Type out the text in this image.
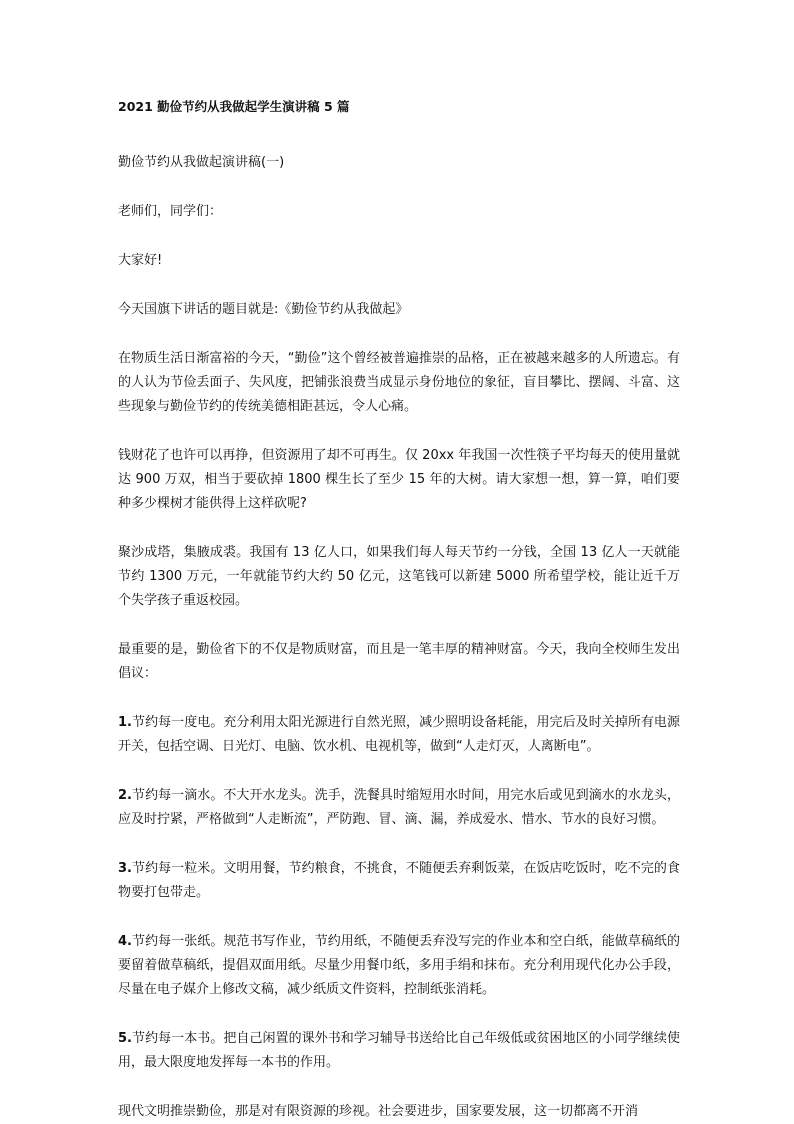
2021 勤俭节约从我做起学生演讲稿 5 篇

勤俭节约从我做起演讲稿(一)

老师们，同学们：

大家好!

今天国旗下讲话的题目就是:《勤俭节约从我做起》

在物质生活日渐富裕的今天，“勤俭”这个曾经被普遍推崇的品格，正在被越来越多的人所遗忘。有的人认为节俭丢面子、失风度，把铺张浪费当成显示身份地位的象征，盲目攀比、摆阔、斗富、这些现象与勤俭节约的传统美德相距甚远，令人心痛。

钱财花了也许可以再挣，但资源用了却不可再生。仅 20xx 年我国一次性筷子平均每天的使用量就达 900 万双，相当于要砍掉 1800 棵生长了至少 15 年的大树。请大家想一想，算一算，咱们要种多少棵树才能供得上这样砍呢?

聚沙成塔，集腋成裘。我国有 13 亿人口，如果我们每人每天节约一分钱，全国 13 亿人一天就能节约 1300 万元，一年就能节约大约 50 亿元，这笔钱可以新建 5000 所希望学校，能让近千万个失学孩子重返校园。

最重要的是，勤俭省下的不仅是物质财富，而且是一笔丰厚的精神财富。今天，我向全校师生发出倡议：

1.节约每一度电。充分利用太阳光源进行自然光照，减少照明设备耗能，用完后及时关掉所有电源开关，包括空调、日光灯、电脑、饮水机、电视机等，做到“人走灯灭，人离断电”。

2.节约每一滴水。不大开水龙头。洗手，洗餐具时缩短用水时间，用完水后或见到滴水的水龙头，应及时拧紧，严格做到“人走断流”，严防跑、冒、滴、漏，养成爱水、惜水、节水的良好习惯。

3.节约每一粒米。文明用餐，节约粮食，不挑食，不随便丢弃剩饭菜，在饭店吃饭时，吃不完的食物要打包带走。

4.节约每一张纸。规范书写作业，节约用纸，不随便丢弃没写完的作业本和空白纸，能做草稿纸的要留着做草稿纸，提倡双面用纸。尽量少用餐巾纸，多用手绢和抹布。充分利用现代化办公手段，尽量在电子媒介上修改文稿，减少纸质文件资料，控制纸张消耗。

5.节约每一本书。把自己闲置的课外书和学习辅导书送给比自己年级低或贫困地区的小同学继续使用，最大限度地发挥每一本书的作用。

现代文明推崇勤俭，那是对有限资源的珍视。社会要进步，国家要发展，这一切都离不开消
